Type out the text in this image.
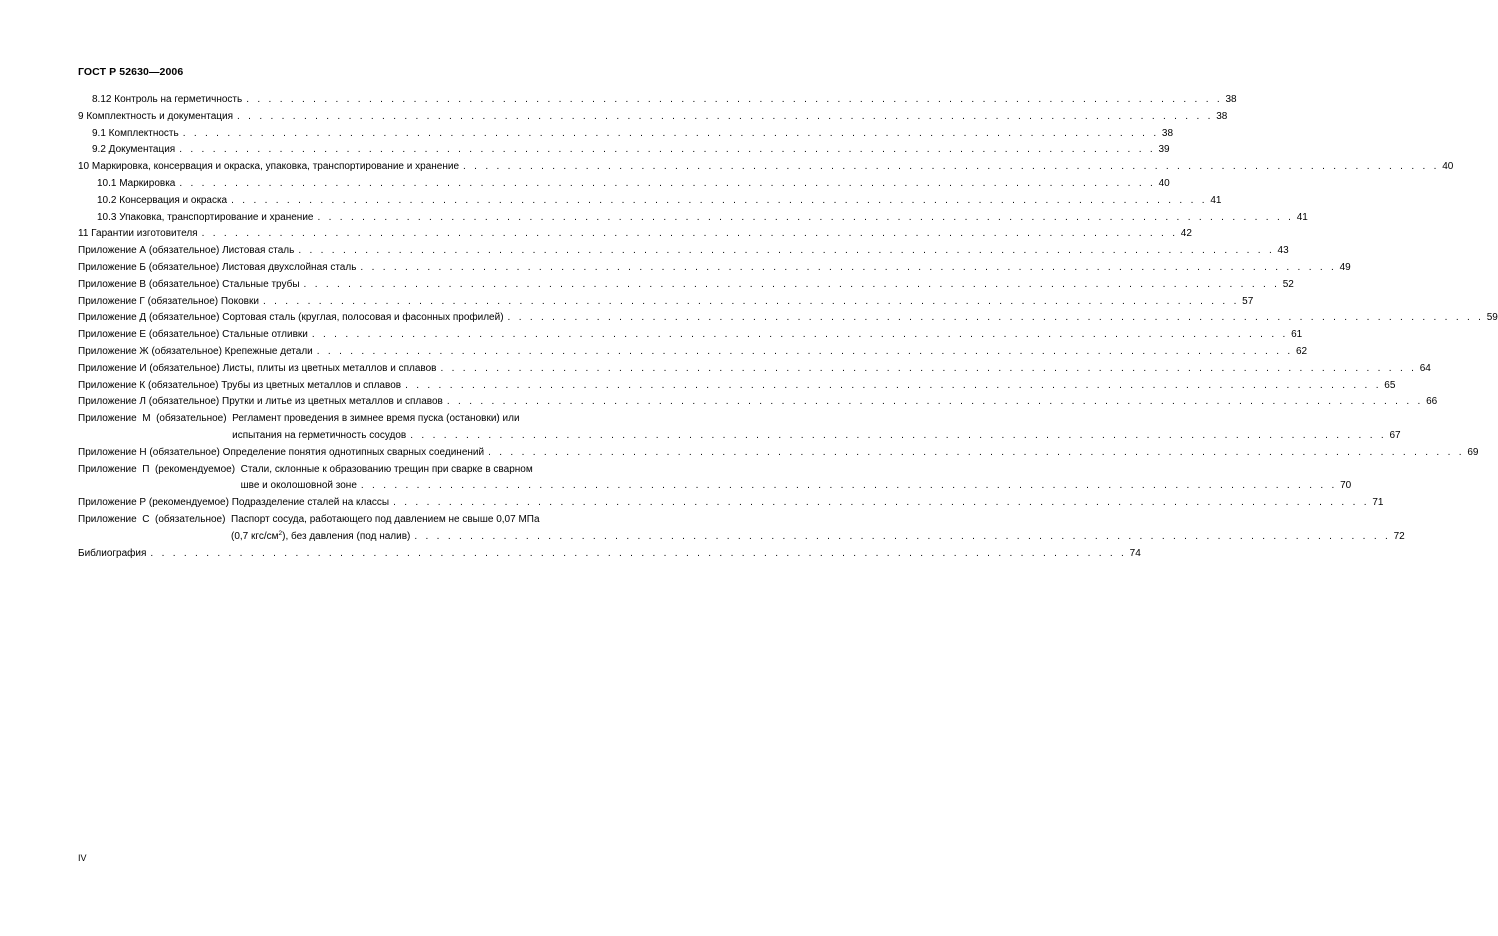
ГОСТ Р 52630—2006
8.12 Контроль на герметичность . . .	38
9 Комплектность и документация . . .	38
9.1 Комплектность . . .	38
9.2 Документация . . .	39
10 Маркировка, консервация и окраска, упаковка, транспортирование и хранение . . .	40
10.1 Маркировка . . .	40
10.2 Консервация и окраска . . .	41
10.3 Упаковка, транспортирование и хранение . . .	41
11 Гарантии изготовителя . . .	42
Приложение А (обязательное) Листовая сталь . . .	43
Приложение Б (обязательное) Листовая двухслойная сталь . . .	49
Приложение В (обязательное) Стальные трубы . . .	52
Приложение Г (обязательное) Поковки . . .	57
Приложение Д (обязательное) Сортовая сталь (круглая, полосовая и фасонных профилей) . . .	59
Приложение Е (обязательное) Стальные отливки . . .	61
Приложение Ж (обязательное) Крепежные детали . . .	62
Приложение И (обязательное) Листы, плиты из цветных металлов и сплавов . . .	64
Приложение К (обязательное) Трубы из цветных металлов и сплавов . . .	65
Приложение Л (обязательное) Прутки и литье из цветных металлов и сплавов . . .	66
Приложение  М  (обязательное) Регламент проведения в зимнее время пуска (остановки) или
испытания на герметичность сосудов . . .	67
Приложение Н (обязательное) Определение понятия однотипных сварных соединений . . .	69
Приложение  П  (рекомендуемое) Стали, склонные к образованию трещин при сварке в сварном
шве и околошовной зоне . . .	70
Приложение Р (рекомендуемое) Подразделение сталей на классы . . .	71
Приложение  С  (обязательное) Паспорт сосуда, работающего под давлением не свыше 0,07 МПа
(0,7 кгс/$см^2$), без давления (под налив) . . .	72
Библиография . . .	74
IV
